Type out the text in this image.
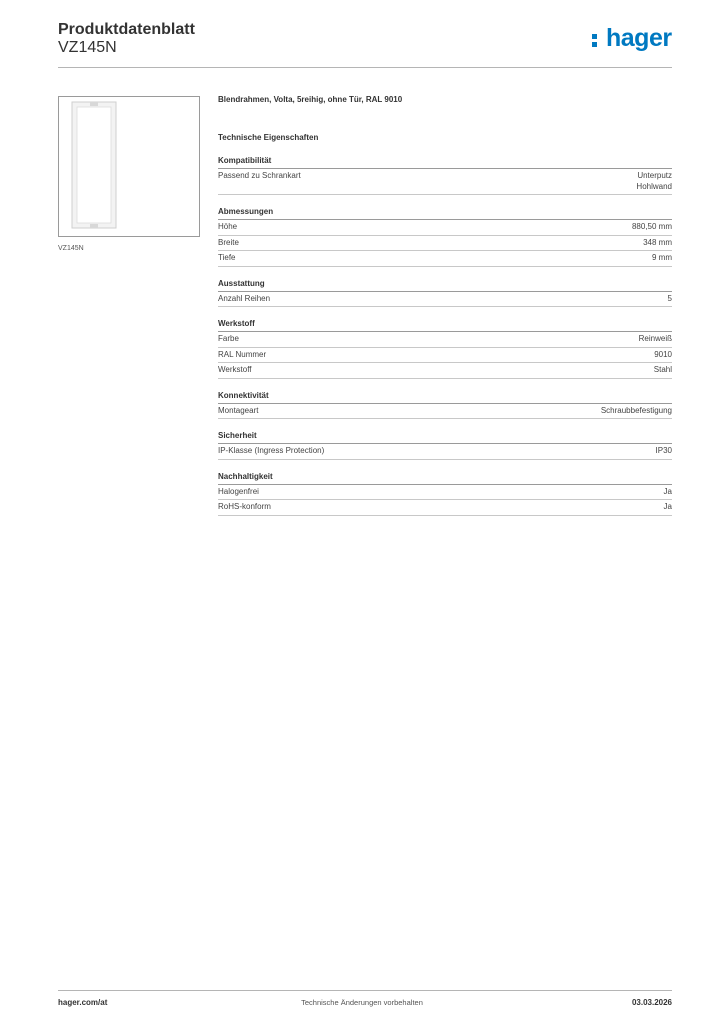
Produktdatenblatt
VZ145N	hager
VZ145N
Blendrahmen, Volta, 5reihig, ohne Tür, RAL 9010
Technische Eigenschaften
Kompatibilität
Passend zu Schrankart	Unterputz
Hohlwand
Abmessungen
Höhe	880,50 mm
Breite	348 mm
Tiefe	9 mm
Ausstattung
Anzahl Reihen	5
Werkstoff
Farbe	Reinweiß
RAL Nummer	9010
Werkstoff	Stahl
Konnektivität
Montageart	Schraubbefestigung
Sicherheit
IP-Klasse (Ingress Protection)	IP30
Nachhaltigkeit
Halogenfrei	Ja
RoHS-konform	Ja
hager.com/at	Technische Änderungen vorbehalten	03.03.2026
